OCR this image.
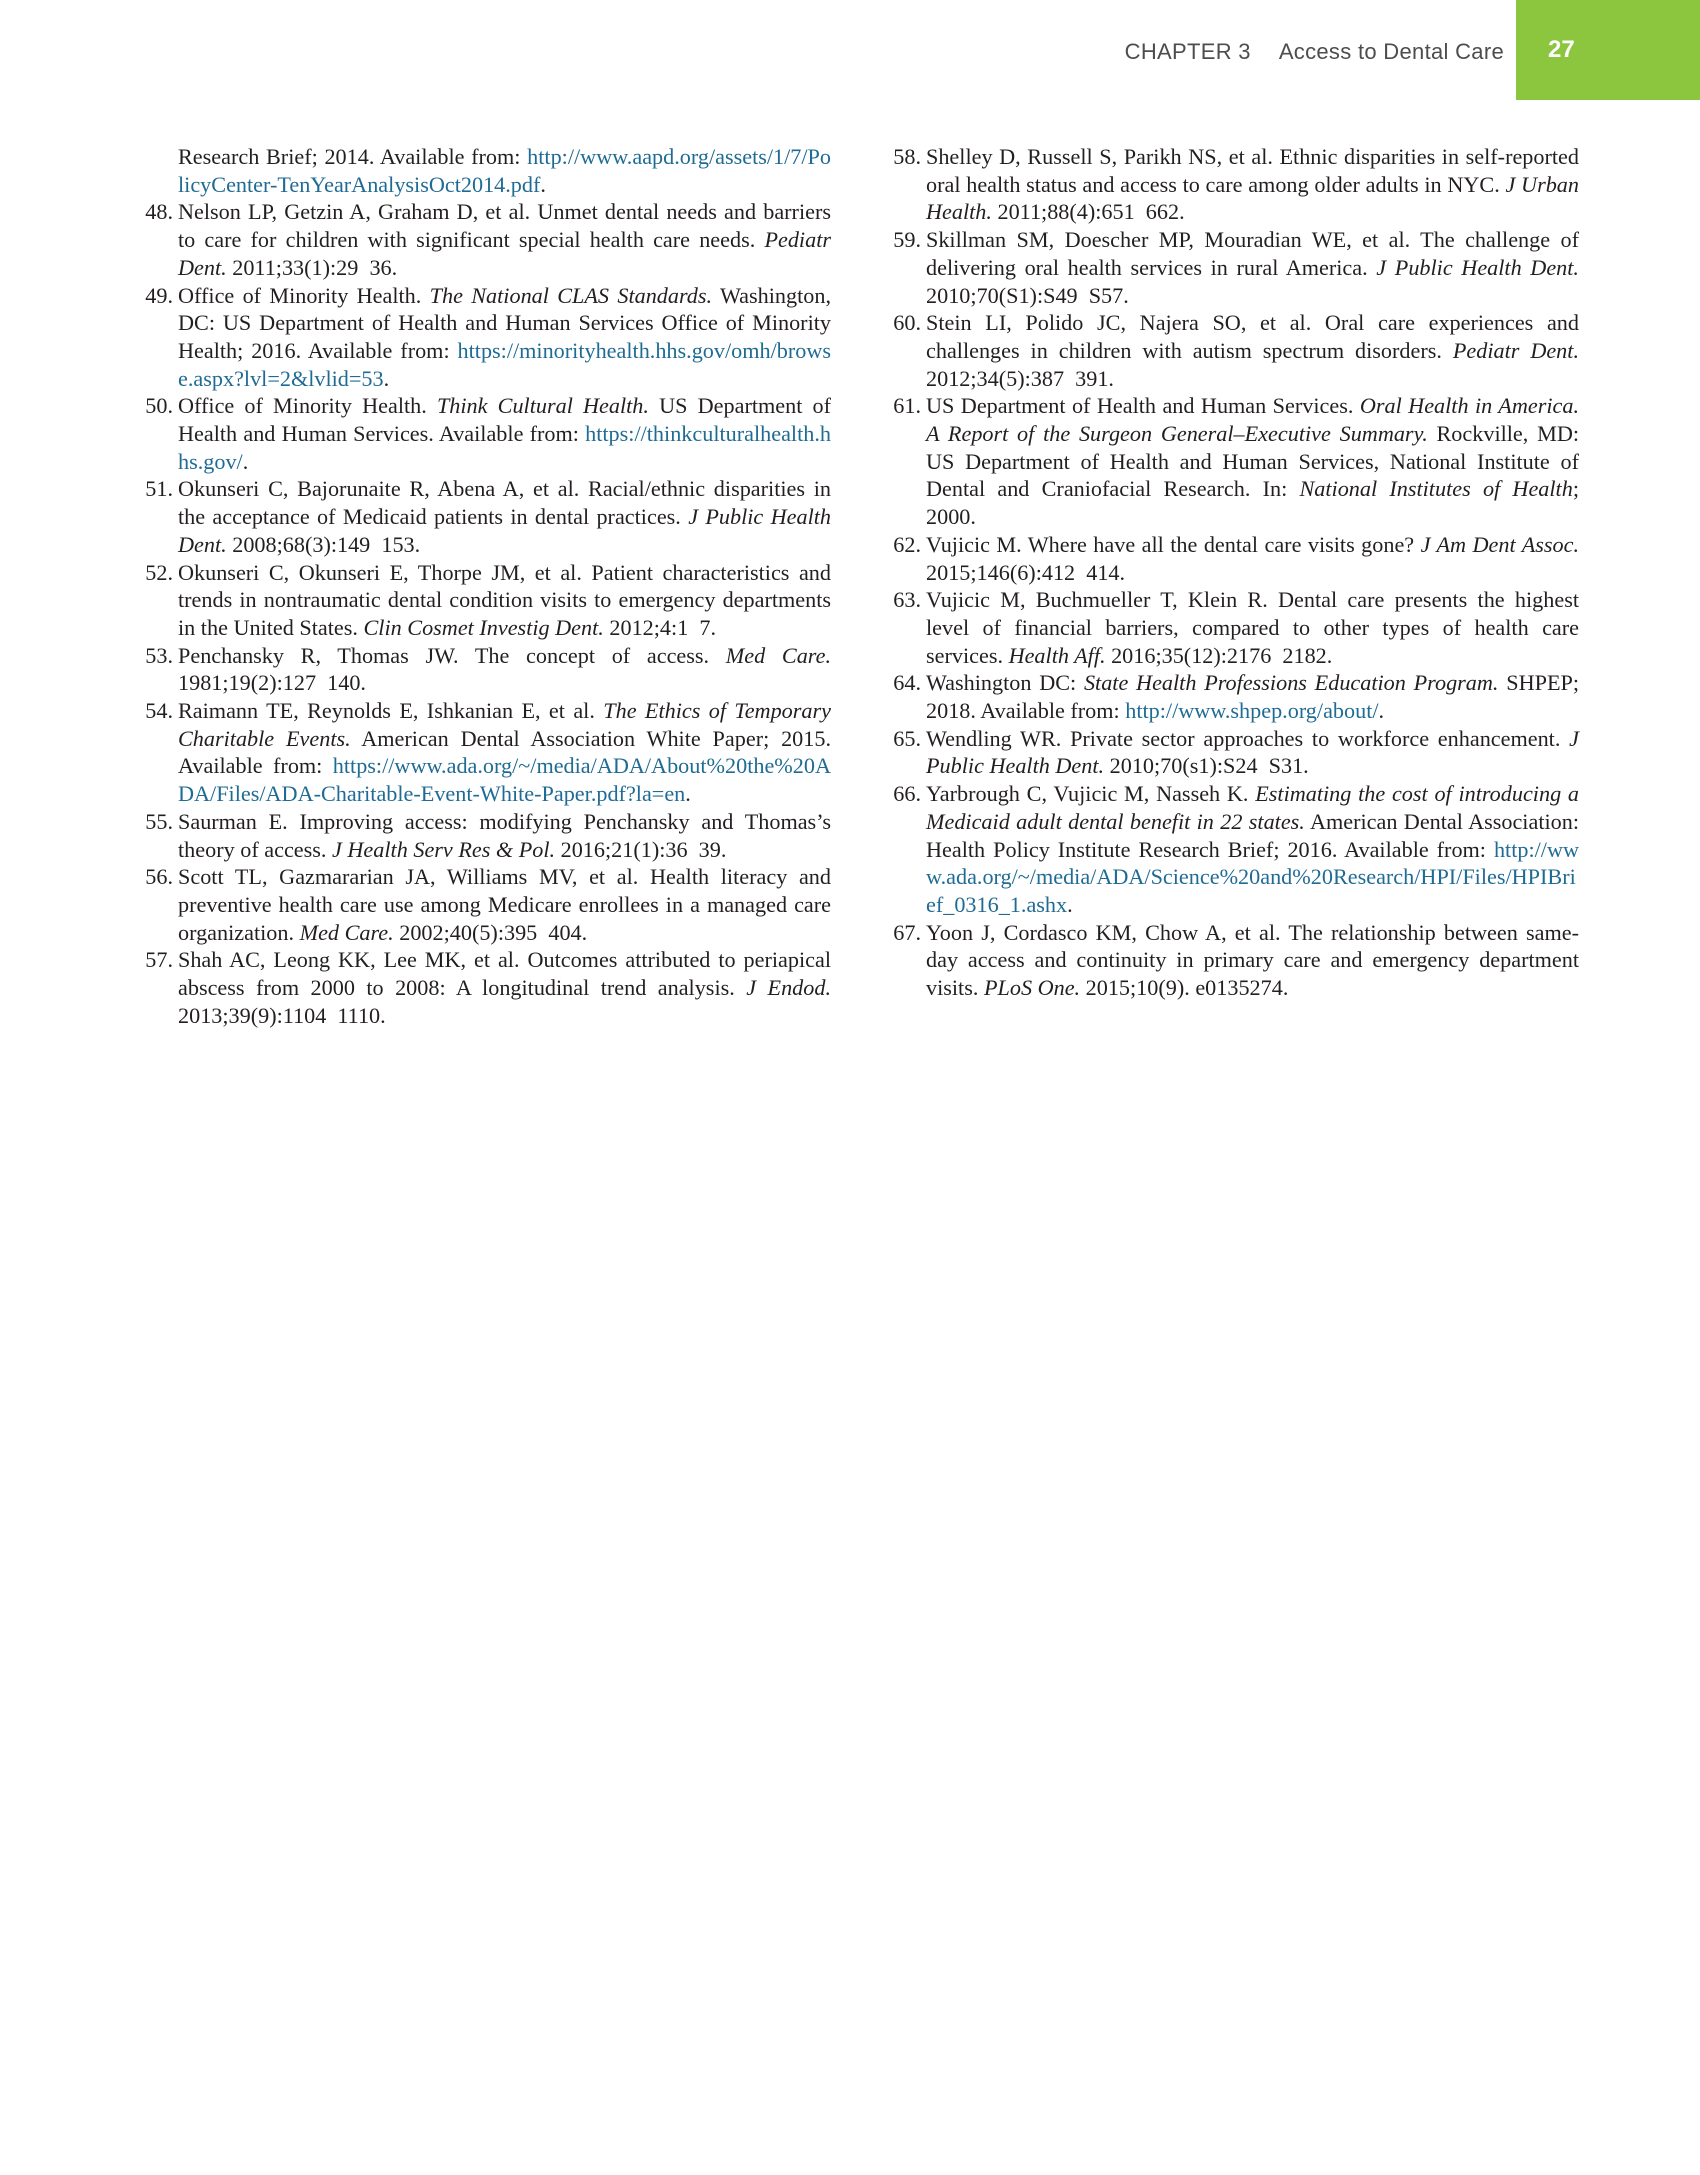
CHAPTER 3 Access to Dental Care 27
Research Brief; 2014. Available from: http://www.aapd.org/assets/1/7/PolicyCenter-TenYearAnalysisOct2014.pdf.
48. Nelson LP, Getzin A, Graham D, et al. Unmet dental needs and barriers to care for children with significant special health care needs. Pediatr Dent. 2011;33(1):29  36.
49. Office of Minority Health. The National CLAS Standards. Washington, DC: US Department of Health and Human Services Office of Minority Health; 2016. Available from: https://minorityhealth.hhs.gov/omh/browse.aspx?lvl=2&lvlid=53.
50. Office of Minority Health. Think Cultural Health. US Department of Health and Human Services. Available from: https://thinkculturalhealth.hhs.gov/.
51. Okunseri C, Bajorunaite R, Abena A, et al. Racial/ethnic disparities in the acceptance of Medicaid patients in dental practices. J Public Health Dent. 2008;68(3):149  153.
52. Okunseri C, Okunseri E, Thorpe JM, et al. Patient characteristics and trends in nontraumatic dental condition visits to emergency departments in the United States. Clin Cosmet Investig Dent. 2012;4:1  7.
53. Penchansky R, Thomas JW. The concept of access. Med Care. 1981;19(2):127  140.
54. Raimann TE, Reynolds E, Ishkanian E, et al. The Ethics of Temporary Charitable Events. American Dental Association White Paper; 2015. Available from: https://www.ada.org/~/media/ADA/About%20the%20ADA/Files/ADA-Charitable-Event-White-Paper.pdf?la=en.
55. Saurman E. Improving access: modifying Penchansky and Thomas’s theory of access. J Health Serv Res & Pol. 2016;21(1):36  39.
56. Scott TL, Gazmararian JA, Williams MV, et al. Health literacy and preventive health care use among Medicare enrollees in a managed care organization. Med Care. 2002;40(5):395  404.
57. Shah AC, Leong KK, Lee MK, et al. Outcomes attributed to periapical abscess from 2000 to 2008: A longitudinal trend analysis. J Endod. 2013;39(9):1104  1110.
58. Shelley D, Russell S, Parikh NS, et al. Ethnic disparities in self-reported oral health status and access to care among older adults in NYC. J Urban Health. 2011;88(4):651  662.
59. Skillman SM, Doescher MP, Mouradian WE, et al. The challenge of delivering oral health services in rural America. J Public Health Dent. 2010;70(S1):S49  S57.
60. Stein LI, Polido JC, Najera SO, et al. Oral care experiences and challenges in children with autism spectrum disorders. Pediatr Dent. 2012;34(5):387  391.
61. US Department of Health and Human Services. Oral Health in America. A Report of the Surgeon General–Executive Summary. Rockville, MD: US Department of Health and Human Services, National Institute of Dental and Craniofacial Research. In: National Institutes of Health; 2000.
62. Vujicic M. Where have all the dental care visits gone? J Am Dent Assoc. 2015;146(6):412  414.
63. Vujicic M, Buchmueller T, Klein R. Dental care presents the highest level of financial barriers, compared to other types of health care services. Health Aff. 2016;35(12):2176  2182.
64. Washington DC: State Health Professions Education Program. SHPEP; 2018. Available from: http://www.shpep.org/about/.
65. Wendling WR. Private sector approaches to workforce enhancement. J Public Health Dent. 2010;70(s1):S24  S31.
66. Yarbrough C, Vujicic M, Nasseh K. Estimating the cost of introducing a Medicaid adult dental benefit in 22 states. American Dental Association: Health Policy Institute Research Brief; 2016. Available from: http://www.ada.org/~/media/ADA/Science%20and%20Research/HPI/Files/HPIBrief_0316_1.ashx.
67. Yoon J, Cordasco KM, Chow A, et al. The relationship between same-day access and continuity in primary care and emergency department visits. PLoS One. 2015;10(9). e0135274.
